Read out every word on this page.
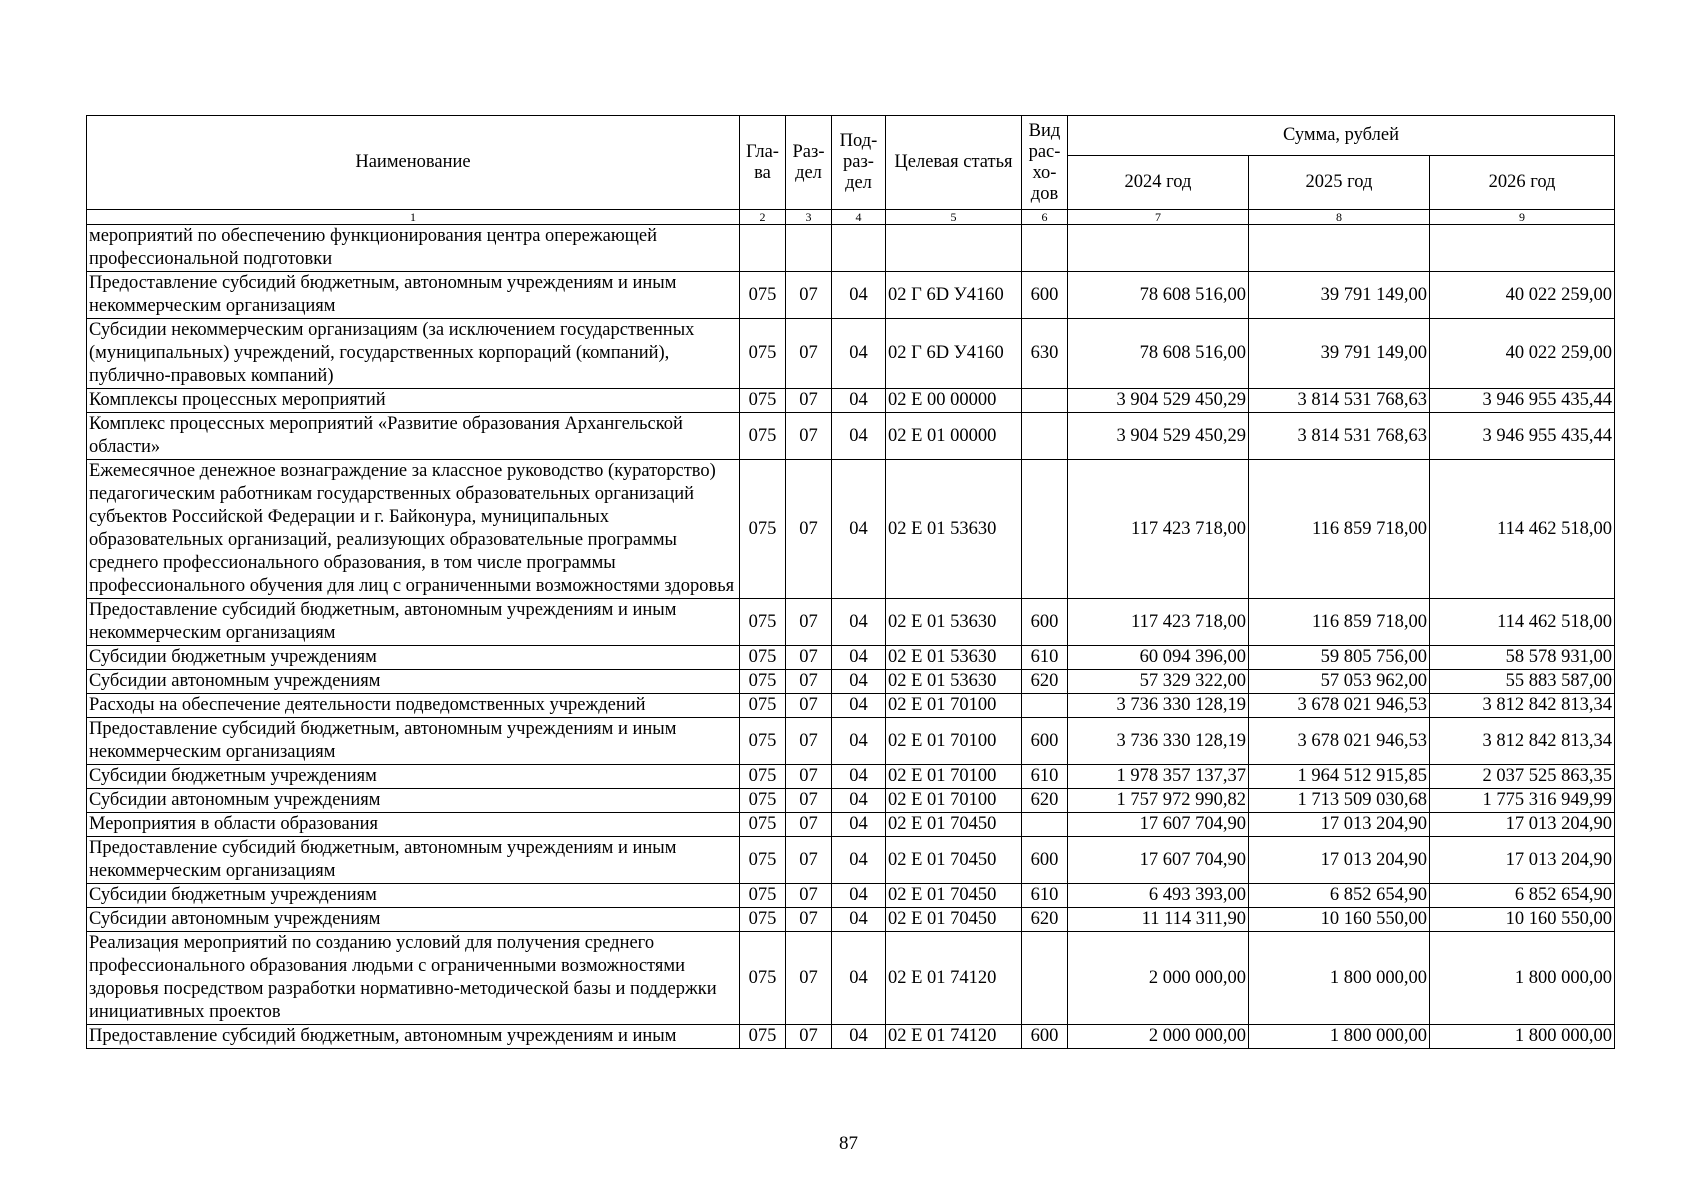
Наименование	Гла-ва	Раз-дел	Под-раз-дел	Целевая статья	Вид рас-хо-дов	Сумма, рублей		
						2024 год	2025 год	2026 год
1	2	3	4	5	6	7	8	9
мероприятий по обеспечению функционирования центра опережающей профессиональной подготовки								
Предоставление субсидий бюджетным, автономным учреждениям и иным некоммерческим организациям	075	07	04	02 Г 6D У4160	600	78 608 516,00	39 791 149,00	40 022 259,00
Субсидии некоммерческим организациям (за исключением государственных (муниципальных) учреждений, государственных корпораций (компаний), публично-правовых компаний)	075	07	04	02 Г 6D У4160	630	78 608 516,00	39 791 149,00	40 022 259,00
Комплексы процессных мероприятий	075	07	04	02 Е 00 00000		3 904 529 450,29	3 814 531 768,63	3 946 955 435,44
Комплекс процессных мероприятий «Развитие образования Архангельской области»	075	07	04	02 Е 01 00000		3 904 529 450,29	3 814 531 768,63	3 946 955 435,44
Ежемесячное денежное вознаграждение за классное руководство (кураторство) педагогическим работникам государственных образовательных организаций субъектов Российской Федерации и г. Байконура, муниципальных образовательных организаций, реализующих образовательные программы среднего профессионального образования, в том числе программы профессионального обучения для лиц с ограниченными возможностями здоровья	075	07	04	02 Е 01 53630		117 423 718,00	116 859 718,00	114 462 518,00
Предоставление субсидий бюджетным, автономным учреждениям и иным некоммерческим организациям	075	07	04	02 Е 01 53630	600	117 423 718,00	116 859 718,00	114 462 518,00
Субсидии бюджетным учреждениям	075	07	04	02 Е 01 53630	610	60 094 396,00	59 805 756,00	58 578 931,00
Субсидии автономным учреждениям	075	07	04	02 Е 01 53630	620	57 329 322,00	57 053 962,00	55 883 587,00
Расходы на обеспечение деятельности подведомственных учреждений	075	07	04	02 Е 01 70100		3 736 330 128,19	3 678 021 946,53	3 812 842 813,34
Предоставление субсидий бюджетным, автономным учреждениям и иным некоммерческим организациям	075	07	04	02 Е 01 70100	600	3 736 330 128,19	3 678 021 946,53	3 812 842 813,34
Субсидии бюджетным учреждениям	075	07	04	02 Е 01 70100	610	1 978 357 137,37	1 964 512 915,85	2 037 525 863,35
Субсидии автономным учреждениям	075	07	04	02 Е 01 70100	620	1 757 972 990,82	1 713 509 030,68	1 775 316 949,99
Мероприятия в области образования	075	07	04	02 Е 01 70450		17 607 704,90	17 013 204,90	17 013 204,90
Предоставление субсидий бюджетным, автономным учреждениям и иным некоммерческим организациям	075	07	04	02 Е 01 70450	600	17 607 704,90	17 013 204,90	17 013 204,90
Субсидии бюджетным учреждениям	075	07	04	02 Е 01 70450	610	6 493 393,00	6 852 654,90	6 852 654,90
Субсидии автономным учреждениям	075	07	04	02 Е 01 70450	620	11 114 311,90	10 160 550,00	10 160 550,00
Реализация мероприятий по созданию условий для получения среднего профессионального образования людьми с ограниченными возможностями здоровья посредством разработки нормативно-методической базы и поддержки инициативных проектов	075	07	04	02 Е 01 74120		2 000 000,00	1 800 000,00	1 800 000,00
Предоставление субсидий бюджетным, автономным учреждениям и иным	075	07	04	02 Е 01 74120	600	2 000 000,00	1 800 000,00	1 800 000,00
87
